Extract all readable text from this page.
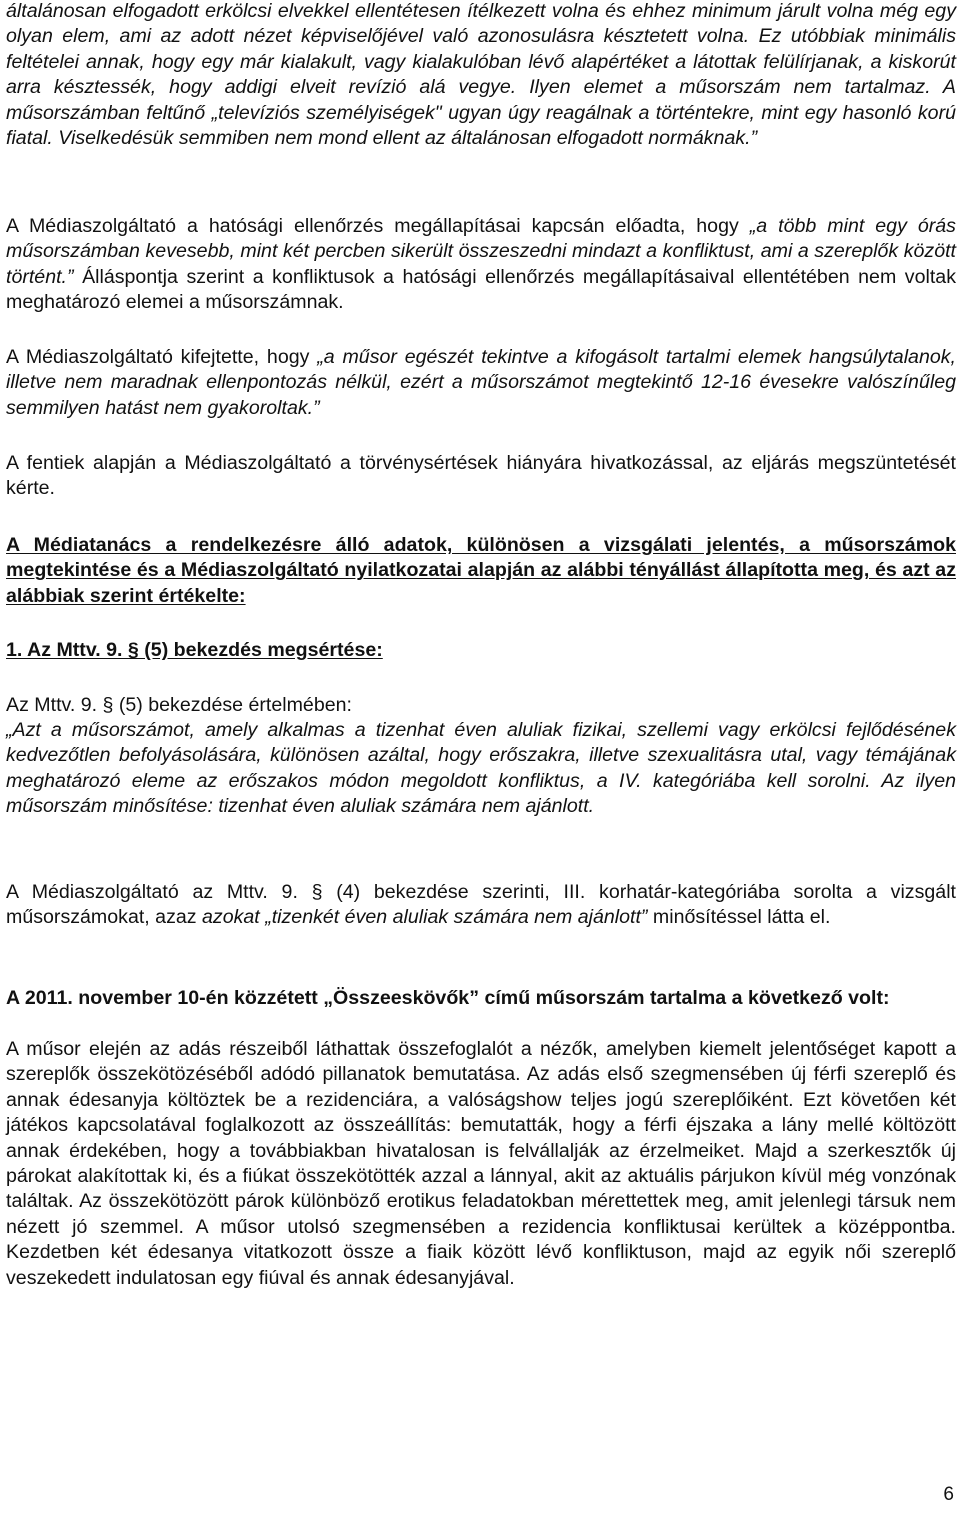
általánosan elfogadott erkölcsi elvekkel ellentétesen ítélkezett volna és ehhez minimum járult volna még egy olyan elem, ami az adott nézet képviselőjével való azonosulásra késztetett volna. Ez utóbbiak minimális feltételei annak, hogy egy már kialakult, vagy kialakulóban lévő alapértéket a látottak felülírjanak, a kiskorút arra késztessék, hogy addigi elveit revízió alá vegye. Ilyen elemet a műsorszám nem tartalmaz. A műsorszámban feltűnő „televíziós személyiségek" ugyan úgy reagálnak a történtekre, mint egy hasonló korú fiatal. Viselkedésük semmiben nem mond ellent az általánosan elfogadott normáknak.”

A Médiaszolgáltató a hatósági ellenőrzés megállapításai kapcsán előadta, hogy „a több mint egy órás műsorszámban kevesebb, mint két percben sikerült összeszedni mindazt a konfliktust, ami a szereplők között történt.” Álláspontja szerint a konfliktusok a hatósági ellenőrzés megállapításaival ellentétében nem voltak meghatározó elemei a műsorszámnak.

A Médiaszolgáltató kifejtette, hogy „a műsor egészét tekintve a kifogásolt tartalmi elemek hangsúlytalanok, illetve nem maradnak ellenpontozás nélkül, ezért a műsorszámot megtekintő 12-16 évesekre valószínűleg semmilyen hatást nem gyakoroltak.”

A fentiek alapján a Médiaszolgáltató a törvénysértések hiányára hivatkozással, az eljárás megszüntetését kérte.

A Médiatanács a rendelkezésre álló adatok, különösen a vizsgálati jelentés, a műsorszámok megtekintése és a Médiaszolgáltató nyilatkozatai alapján az alábbi tényállást állapította meg, és azt az alábbiak szerint értékelte:

1. Az Mttv. 9. § (5) bekezdés megsértése:

Az Mttv. 9. § (5) bekezdése értelmében:

„Azt a műsorszámot, amely alkalmas a tizenhat éven aluliak fizikai, szellemi vagy erkölcsi fejlődésének kedvezőtlen befolyásolására, különösen azáltal, hogy erőszakra, illetve szexualitásra utal, vagy témájának meghatározó eleme az erőszakos módon megoldott konfliktus, a IV. kategóriába kell sorolni. Az ilyen műsorszám minősítése: tizenhat éven aluliak számára nem ajánlott.

A Médiaszolgáltató az Mttv. 9. § (4) bekezdése szerinti, III. korhatár-kategóriába sorolta a vizsgált műsorszámokat, azaz azokat „tizenkét éven aluliak számára nem ajánlott” minősítéssel látta el.

A 2011. november 10-én közzétett „Összeeskövők” című műsorszám tartalma a következő volt:

A műsor elején az adás részeiből láthattak összefoglalót a nézők, amelyben kiemelt jelentőséget kapott a szereplők összekötözéséből adódó pillanatok bemutatása. Az adás első szegmensében új férfi szereplő és annak édesanyja költöztek be a rezidenciára, a valóságshow teljes jogú szereplőiként. Ezt követően két játékos kapcsolatával foglalkozott az összeállítás: bemutatták, hogy a férfi éjszaka a lány mellé költözött annak érdekében, hogy a továbbiakban hivatalosan is felvállalják az érzelmeiket. Majd a szerkesztők új párokat alakítottak ki, és a fiúkat összekötötték azzal a lánnyal, akit az aktuális párjukon kívül még vonzónak találtak. Az összekötözött párok különböző erotikus feladatokban mérettettek meg, amit jelenlegi társuk nem nézett jó szemmel. A műsor utolsó szegmensében a rezidencia konfliktusai kerültek a középpontba. Kezdetben két édesanya vitatkozott össze a fiaik között lévő konfliktuson, majd az egyik női szereplő veszekedett indulatosan egy fiúval és annak édesanyjával.

6
